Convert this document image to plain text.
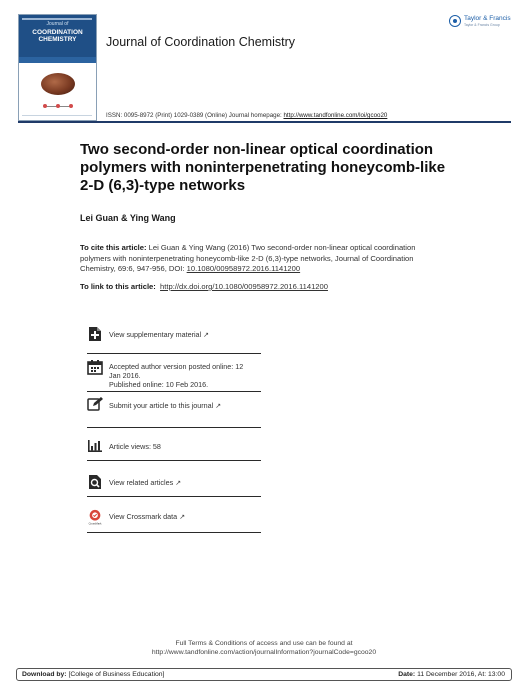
Journal of
COORDINATION
CHEMISTRY	Journal of Coordination Chemistry
Taylor & Francis
Taylor & Francis Group
ISSN: 0095-8972 (Print) 1029-0389 (Online) Journal homepage: http://www.tandfonline.com/loi/gcoo20
Two second-order non-linear optical coordination polymers with noninterpenetrating honeycomb-like 2-D (6,3)-type networks
Lei Guan & Ying Wang
To cite this article: Lei Guan & Ying Wang (2016) Two second-order non-linear optical coordination polymers with noninterpenetrating honeycomb-like 2-D (6,3)-type networks, Journal of Coordination Chemistry, 69:6, 947-956, DOI: 10.1080/00958972.2016.1141200
To link to this article: http://dx.doi.org/10.1080/00958972.2016.1141200
View supplementary material ↗
Accepted author version posted online: 12
Jan 2016.
Published online: 10 Feb 2016.
Submit your article to this journal ↗
Article views: 58
View related articles ↗
CrossMark
View Crossmark data ↗
Full Terms & Conditions of access and use can be found at
http://www.tandfonline.com/action/journalInformation?journalCode=gcoo20
Download by: [College of Business Education]	Date: 11 December 2016, At: 13:00
